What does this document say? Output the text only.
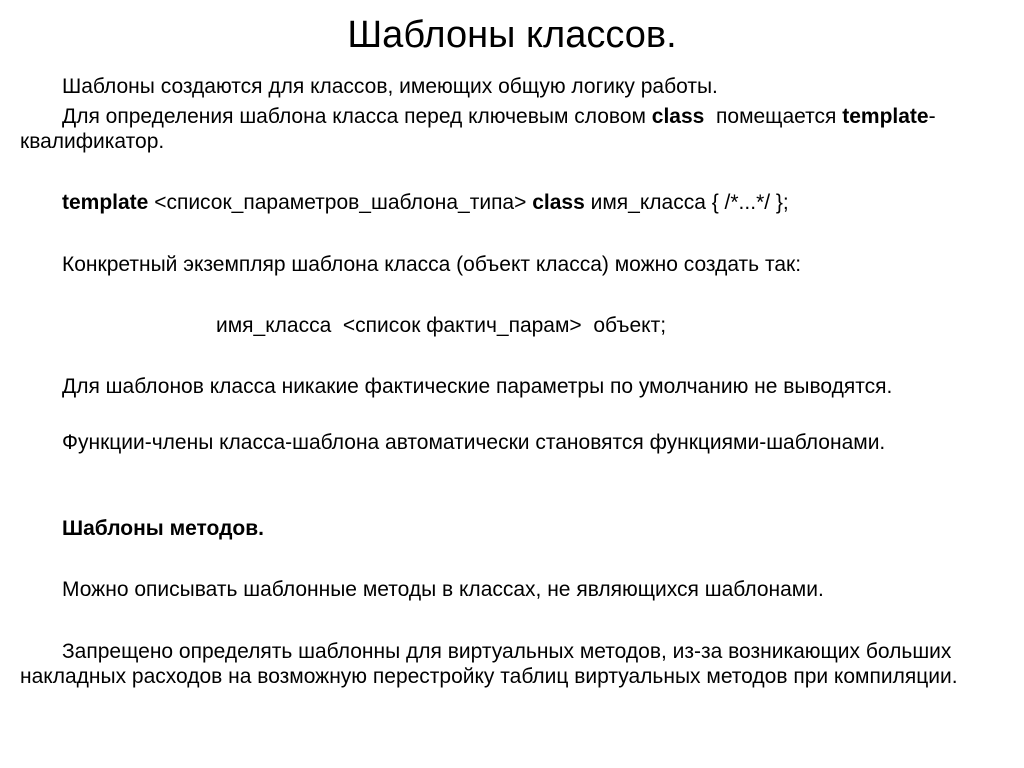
Шаблоны классов.

Шаблоны создаются для классов, имеющих общую логику работы.

Для определения шаблона класса перед ключевым словом class  помещается template-квалификатор.

template <список_параметров_шаблона_типа> class имя_класса { /*...*/ };

Конкретный экземпляр шаблона класса (объект класса) можно создать так:

имя_класса  <список фактич_парам>  объект;

Для шаблонов класса никакие фактические параметры по умолчанию не выводятся.

Функции-члены класса-шаблона автоматически становятся функциями-шаблонами.

Шаблоны методов.

Можно описывать шаблонные методы в классах, не являющихся шаблонами.

Запрещено определять шаблонны для виртуальных методов, из-за возникающих больших накладных расходов на возможную перестройку таблиц виртуальных методов при компиляции.
